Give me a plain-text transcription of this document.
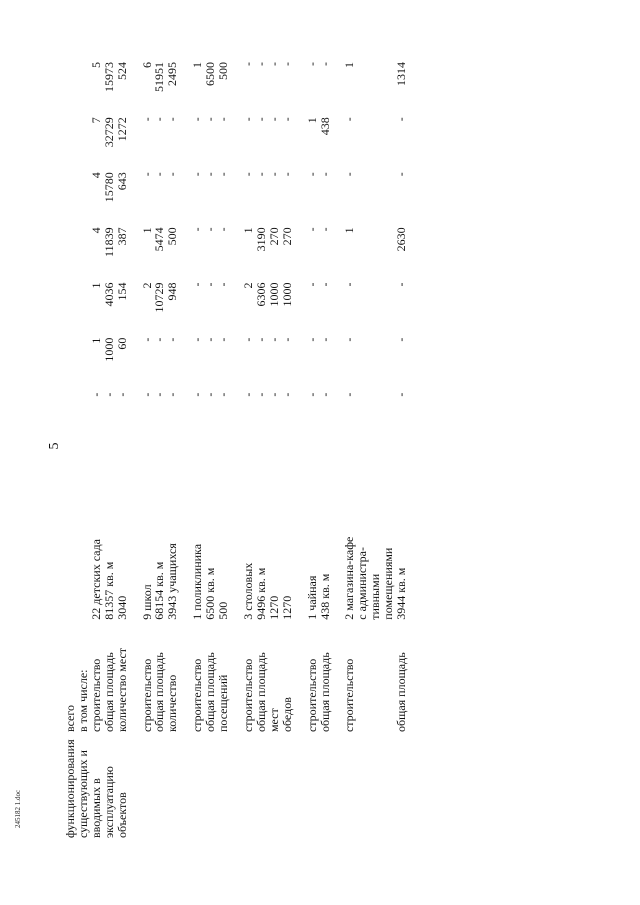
5
функционирования	всего								
существующих и	в том числе:								
вводимых в	строительство	22 детских сада	-	1	1	4	4	7	5
эксплуатацию	общая площадь	81357 кв. м	-	1000	4036	11839	15780	32729	15973
объектов	количество мест	3040	-	60	154	387	643	1272	524

	строительство	9 школ	-	-	2	1	-	-	6
	общая площадь	68154 кв. м	-	-	10729	5474	-	-	51951
	количество	3943 учащихся	-	-	948	500	-	-	2495

	строительство	1 поликлиника	-	-	-	-	-	-	1
	общая площадь	6500 кв. м	-	-	-	-	-	-	6500
	посещений	500	-	-	-	-	-	-	500

	строительство	3 столовых	-	-	2	1	-	-	-
	общая площадь	9496 кв. м	-	-	6306	3190	-	-	-
	мест	1270	-	-	1000	270	-	-	-
	обедов	1270	-	-	1000	270	-	-	-

	строительство	1 чайная	-	-	-	-	-	1	-
	общая площадь	438 кв. м	-	-	-	-	-	438	-

	строительство	2 магазина-кафе	-	-	-	1	-	-	1
		с администра-							
		тивными							
		помещениями							
	общая площадь	3944 кв. м	-	-	-	2630	-	-	1314
245182 1.doc
